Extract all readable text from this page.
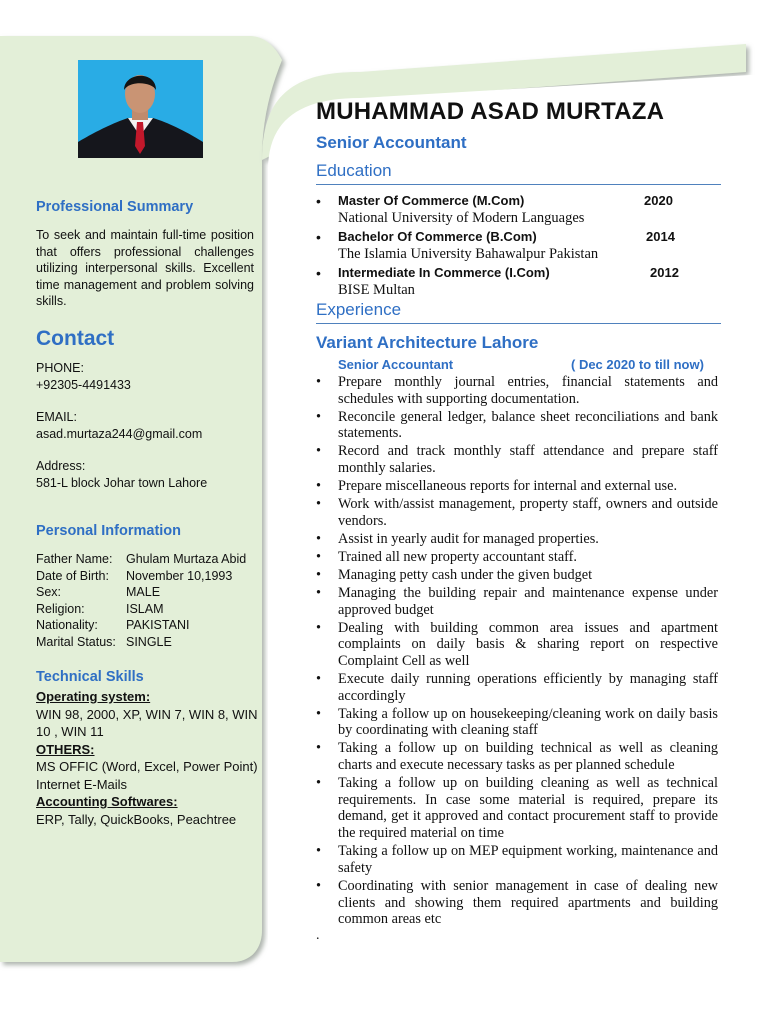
Professional Summary
To seek and maintain full-time position that offers professional challenges utilizing interpersonal skills. Excellent time management and problem solving skills.
Contact
PHONE:
+92305-4491433
EMAIL:
asad.murtaza244@gmail.com
Address:
581-L block Johar town Lahore
Personal Information
Father Name:	Ghulam Murtaza Abid
Date of Birth:	November 10,1993
Sex:	MALE
Religion:	ISLAM
Nationality:	PAKISTANI
Marital Status: SINGLE
Technical Skills
Operating system:
WIN 98, 2000, XP, WIN 7, WIN 8, WIN 10 , WIN 11
OTHERS:
MS OFFIC (Word, Excel, Power Point) Internet E-Mails
Accounting Softwares:
ERP, Tally, QuickBooks, Peachtree
MUHAMMAD ASAD MURTAZA
Senior Accountant
Education
• Master Of Commerce (M.Com)	2020
National University of Modern Languages
• Bachelor Of Commerce (B.Com)	2014
The Islamia University Bahawalpur Pakistan
• Intermediate In Commerce (I.Com)	2012
BISE Multan
Experience
Variant Architecture Lahore
Senior Accountant	( Dec 2020 to till now)
• Prepare monthly journal entries, financial statements and schedules with supporting documentation.
• Reconcile general ledger, balance sheet reconciliations and bank statements.
• Record and track monthly staff attendance and prepare staff monthly salaries.
• Prepare miscellaneous reports for internal and external use.
• Work with/assist management, property staff, owners and outside vendors.
• Assist in yearly audit for managed properties.
• Trained all new property accountant staff.
• Managing petty cash under the given budget
• Managing the building repair and maintenance expense under approved budget
• Dealing with building common area issues and apartment complaints on daily basis & sharing report on respective Complaint Cell as well
• Execute daily running operations efficiently by managing staff accordingly
• Taking a follow up on housekeeping/cleaning work on daily basis by coordinating with cleaning staff
• Taking a follow up on building technical as well as cleaning charts and execute necessary tasks as per planned schedule
• Taking a follow up on building cleaning as well as technical requirements. In case some material is required, prepare its demand, get it approved and contact procurement staff to provide the required material on time
• Taking a follow up on MEP equipment working, maintenance and safety
• Coordinating with senior management in case of dealing new clients and showing them required apartments and building common areas etc
.
